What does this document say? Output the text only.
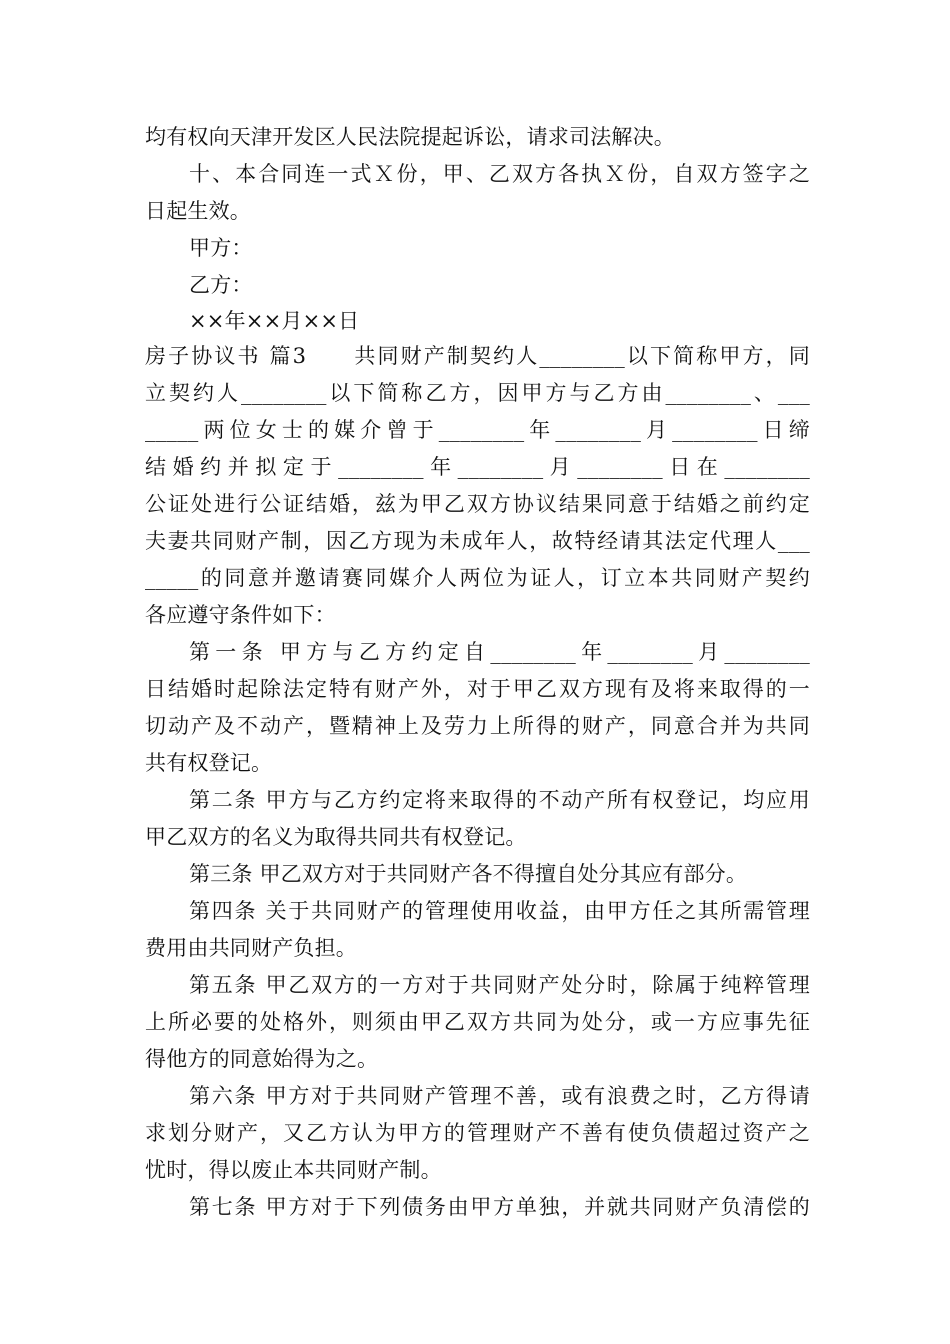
均有权向天津开发区人民法院提起诉讼，请求司法解决。
十、本合同连一式Ｘ份，甲、乙双方各执Ｘ份，自双方签字之
日起生效。
甲方：
乙方：
××年××月××日
房子协议书 篇3　　共同财产制契约人________以下简称甲方，同
立契约人________以下简称乙方，因甲方与乙方由________、___
_____两位女士的媒介曾于________年________月________日缔
结婚约并拟定于________年________月________日在________
公证处进行公证结婚，兹为甲乙双方协议结果同意于结婚之前约定
夫妻共同财产制，因乙方现为未成年人，故特经请其法定代理人___
_____的同意并邀请赛同媒介人两位为证人，订立本共同财产契约
各应遵守条件如下：
第一条 甲方与乙方约定自________年________月________
日结婚时起除法定特有财产外，对于甲乙双方现有及将来取得的一
切动产及不动产，暨精神上及劳力上所得的财产，同意合并为共同
共有权登记。
第二条 甲方与乙方约定将来取得的不动产所有权登记，均应用
甲乙双方的名义为取得共同共有权登记。
第三条 甲乙双方对于共同财产各不得擅自处分其应有部分。
第四条 关于共同财产的管理使用收益，由甲方任之其所需管理
费用由共同财产负担。
第五条 甲乙双方的一方对于共同财产处分时，除属于纯粹管理
上所必要的处格外，则须由甲乙双方共同为处分，或一方应事先征
得他方的同意始得为之。
第六条 甲方对于共同财产管理不善，或有浪费之时，乙方得请
求划分财产，又乙方认为甲方的管理财产不善有使负债超过资产之
忧时，得以废止本共同财产制。
第七条 甲方对于下列债务由甲方单独，并就共同财产负清偿的
